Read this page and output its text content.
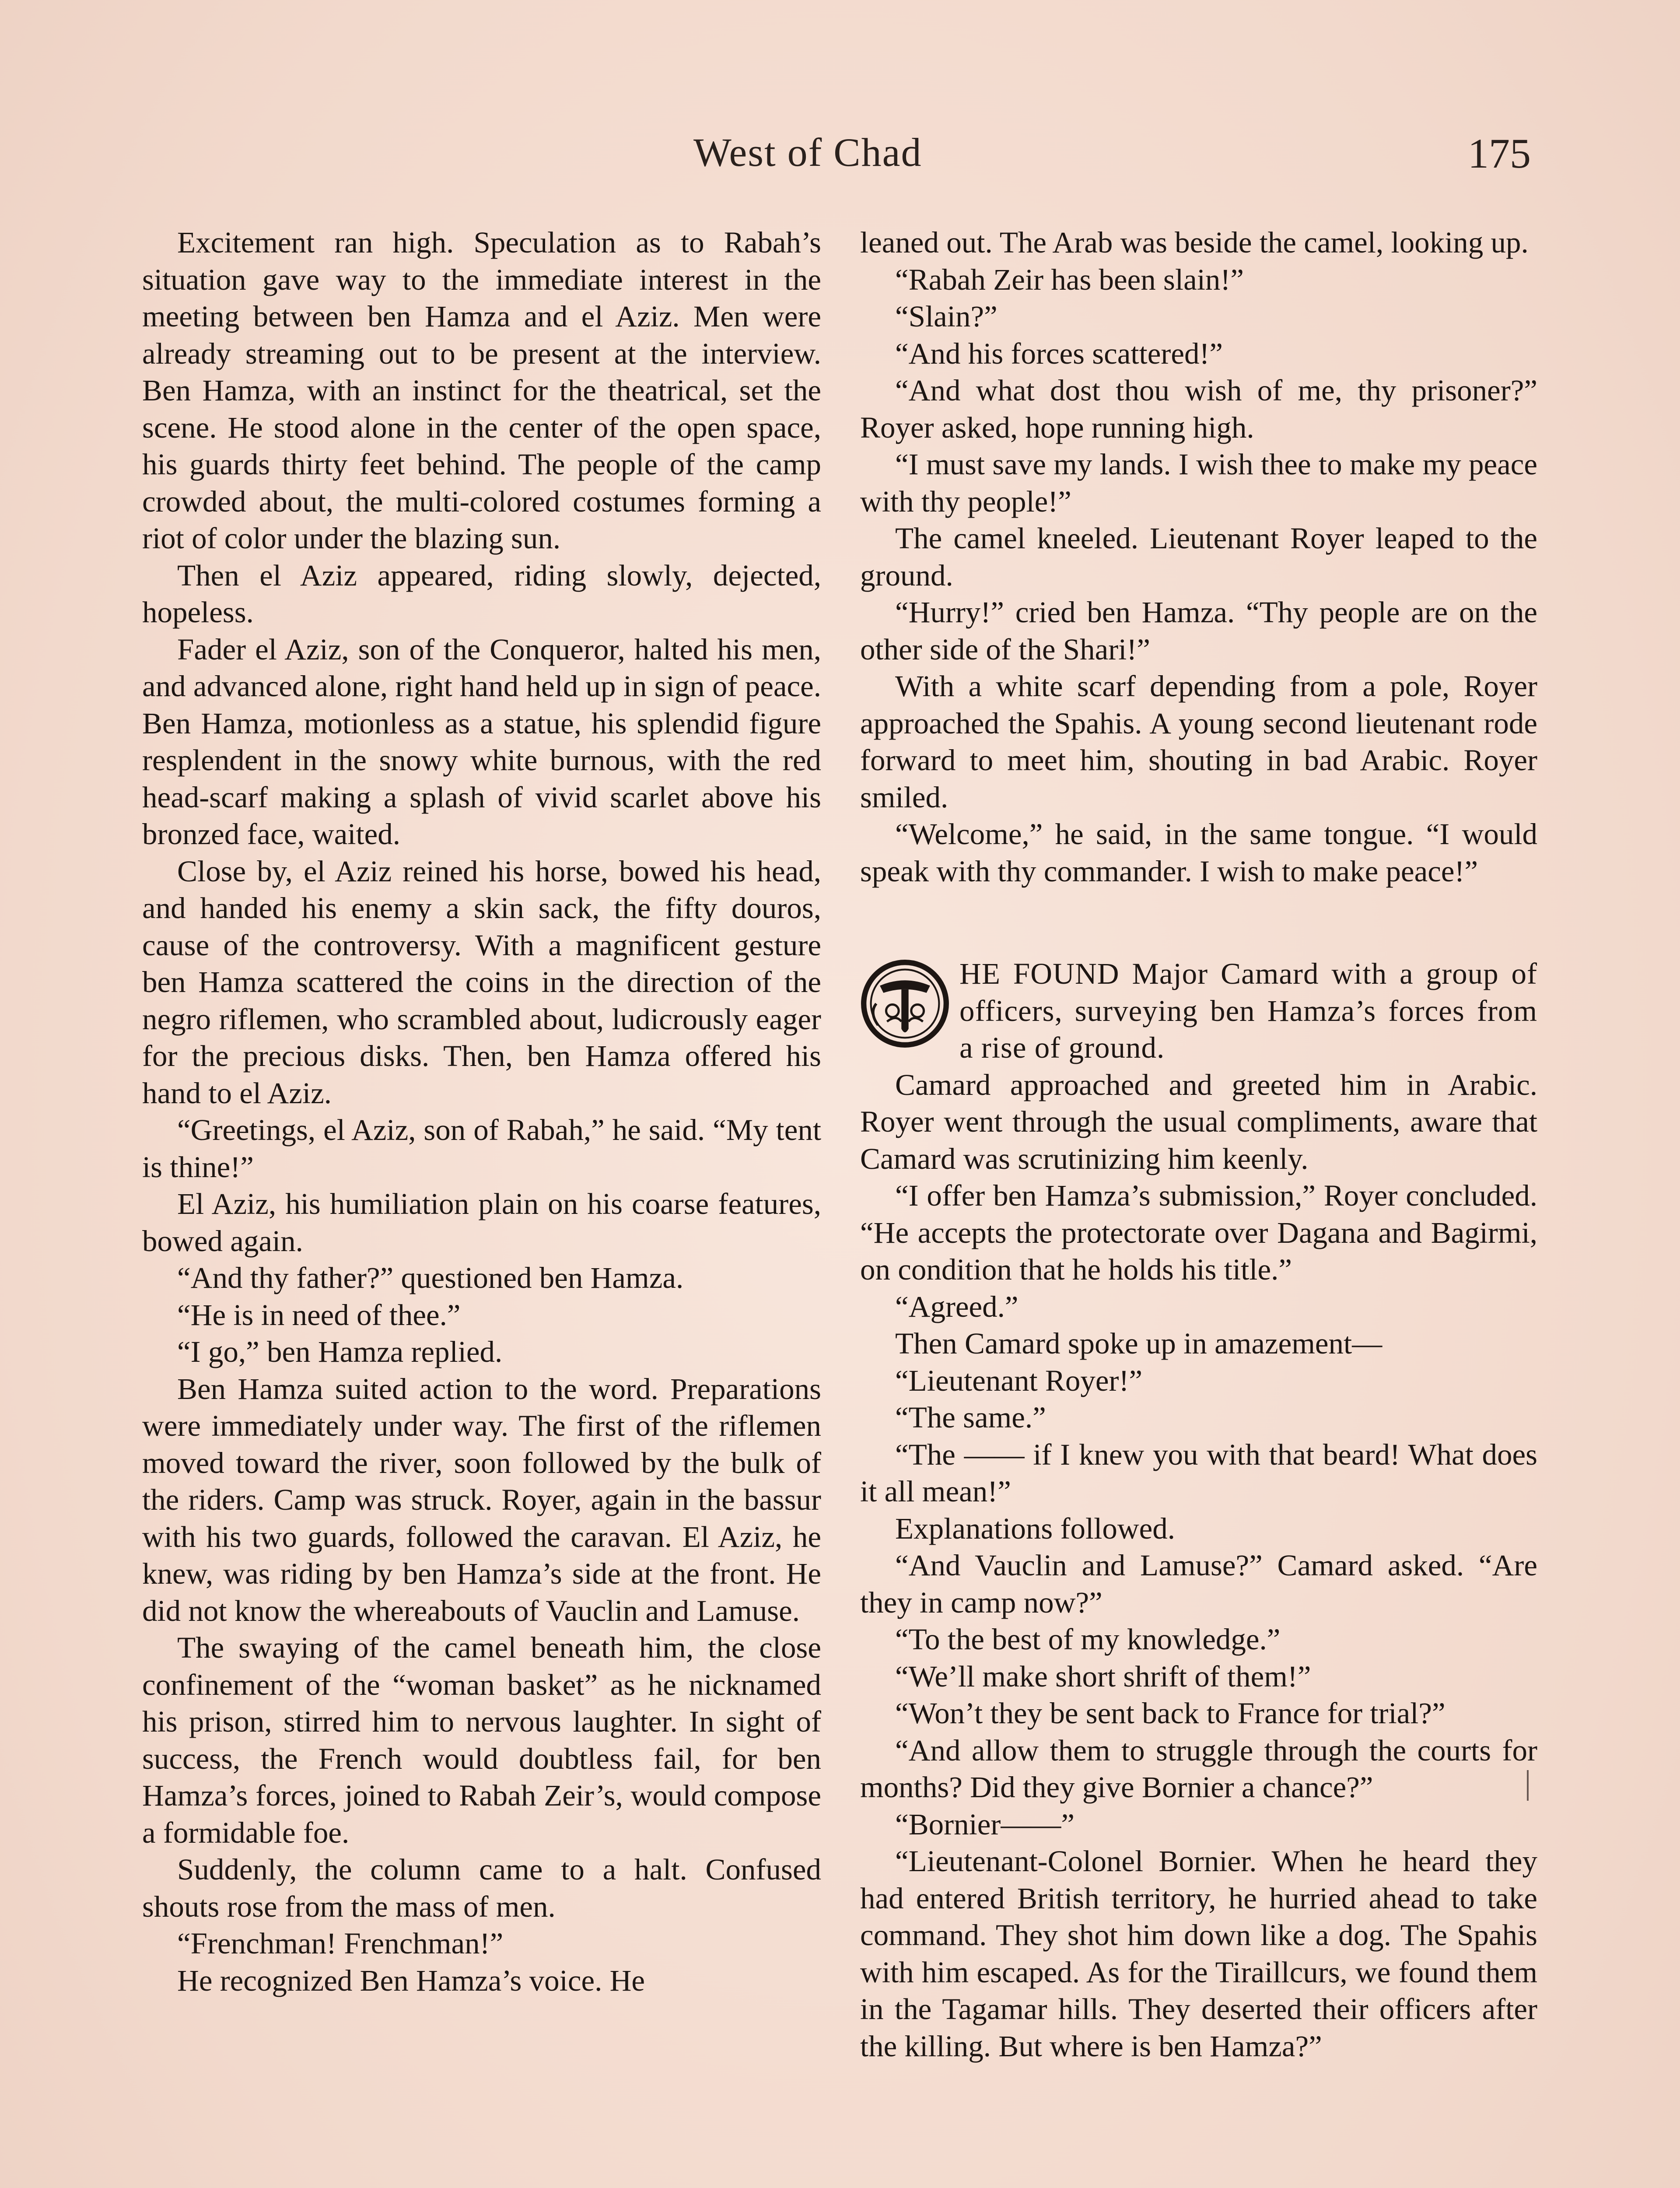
West of Chad	175

Excitement ran high. Speculation as to Rabah’s situation gave way to the immediate interest in the meeting between ben Hamza and el Aziz. Men were already streaming out to be present at the interview. Ben Hamza, with an instinct for the theatrical, set the scene. He stood alone in the center of the open space, his guards thirty feet behind. The people of the camp crowded about, the multi-colored costumes forming a riot of color under the blazing sun.

Then el Aziz appeared, riding slowly, dejected, hopeless.

Fader el Aziz, son of the Conqueror, halted his men, and advanced alone, right hand held up in sign of peace. Ben Hamza, motionless as a statue, his splendid figure resplendent in the snowy white burnous, with the red head-scarf making a splash of vivid scarlet above his bronzed face, waited.

Close by, el Aziz reined his horse, bowed his head, and handed his enemy a skin sack, the fifty douros, cause of the controversy. With a magnificent gesture ben Hamza scattered the coins in the direction of the negro riflemen, who scrambled about, ludicrously eager for the precious disks. Then, ben Hamza offered his hand to el Aziz.

“Greetings, el Aziz, son of Rabah,” he said. “My tent is thine!”

El Aziz, his humiliation plain on his coarse features, bowed again.

“And thy father?” questioned ben Hamza.

“He is in need of thee.”

“I go,” ben Hamza replied.

Ben Hamza suited action to the word. Preparations were immediately under way. The first of the riflemen moved toward the river, soon followed by the bulk of the riders. Camp was struck. Royer, again in the bassur with his two guards, followed the caravan. El Aziz, he knew, was riding by ben Hamza’s side at the front. He did not know the whereabouts of Vauclin and Lamuse.

The swaying of the camel beneath him, the close confinement of the “woman basket” as he nicknamed his prison, stirred him to nervous laughter. In sight of success, the French would doubtless fail, for ben Hamza’s forces, joined to Rabah Zeir’s, would compose a formidable foe.

Suddenly, the column came to a halt. Confused shouts rose from the mass of men.

“Frenchman! Frenchman!”

He recognized Ben Hamza’s voice. He

leaned out. The Arab was beside the camel, looking up.

“Rabah Zeir has been slain!”

“Slain?”

“And his forces scattered!”

“And what dost thou wish of me, thy prisoner?” Royer asked, hope running high.

“I must save my lands. I wish thee to make my peace with thy people!”

The camel kneeled. Lieutenant Royer leaped to the ground.

“Hurry!” cried ben Hamza. “Thy people are on the other side of the Shari!”

With a white scarf depending from a pole, Royer approached the Spahis. A young second lieutenant rode forward to meet him, shouting in bad Arabic. Royer smiled.

“Welcome,” he said, in the same tongue. “I would speak with thy commander. I wish to make peace!”

HE FOUND Major Camard with a group of officers, surveying ben Hamza’s forces from a rise of ground.

Camard approached and greeted him in Arabic. Royer went through the usual compliments, aware that Camard was scrutinizing him keenly.

“I offer ben Hamza’s submission,” Royer concluded. “He accepts the protectorate over Dagana and Bagirmi, on condition that he holds his title.”

“Agreed.”

Then Camard spoke up in amazement—

“Lieutenant Royer!”

“The same.”

“The —— if I knew you with that beard! What does it all mean!”

Explanations followed.

“And Vauclin and Lamuse?” Camard asked. “Are they in camp now?”

“To the best of my knowledge.”

“We’ll make short shrift of them!”

“Won’t they be sent back to France for trial?”

“And allow them to struggle through the courts for months? Did they give Bornier a chance?”

“Bornier——”

“Lieutenant-Colonel Bornier. When he heard they had entered British territory, he hurried ahead to take command. They shot him down like a dog. The Spahis with him escaped. As for the Tiraillcurs, we found them in the Tagamar hills. They deserted their officers after the killing. But where is ben Hamza?”
